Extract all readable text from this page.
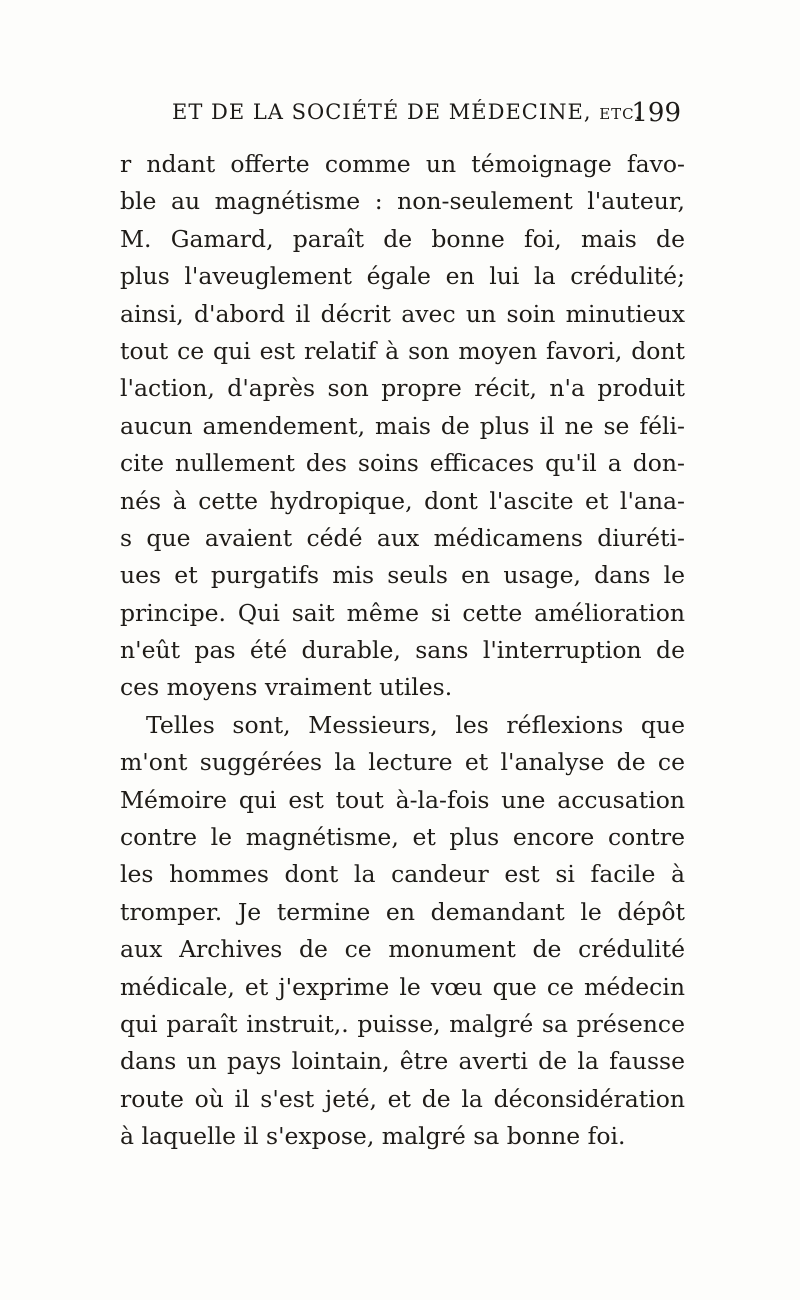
ET DE LA SOCIÉTÉ DE MÉDECINE, etc.
199
r ndant offerte comme un témoignage favo-
ble au magnétisme : non-seulement l'auteur,
M. Gamard, paraît de bonne foi, mais de
plus l'aveuglement égale en lui la crédulité;
ainsi, d'abord il décrit avec un soin minutieux
tout ce qui est relatif à son moyen favori, dont
l'action, d'après son propre récit, n'a produit
aucun amendement, mais de plus il ne se féli-
cite nullement des soins efficaces qu'il a don-
nés à cette hydropique, dont l'ascite et l'ana-
s que avaient cédé aux médicamens diuréti-
ues et purgatifs mis seuls en usage, dans le
principe. Qui sait même si cette amélioration
n'eût pas été durable, sans l'interruption de
ces moyens vraiment utiles.
Telles sont, Messieurs, les réflexions que
m'ont suggérées la lecture et l'analyse de ce
Mémoire qui est tout à-la-fois une accusation
contre le magnétisme, et plus encore contre
les hommes dont la candeur est si facile à
tromper. Je termine en demandant le dépôt
aux Archives de ce monument de crédulité
médicale, et j'exprime le vœu que ce médecin
qui paraît instruit,. puisse, malgré sa présence
dans un pays lointain, être averti de la fausse
route où il s'est jeté, et de la déconsidération
à laquelle il s'expose, malgré sa bonne foi.
